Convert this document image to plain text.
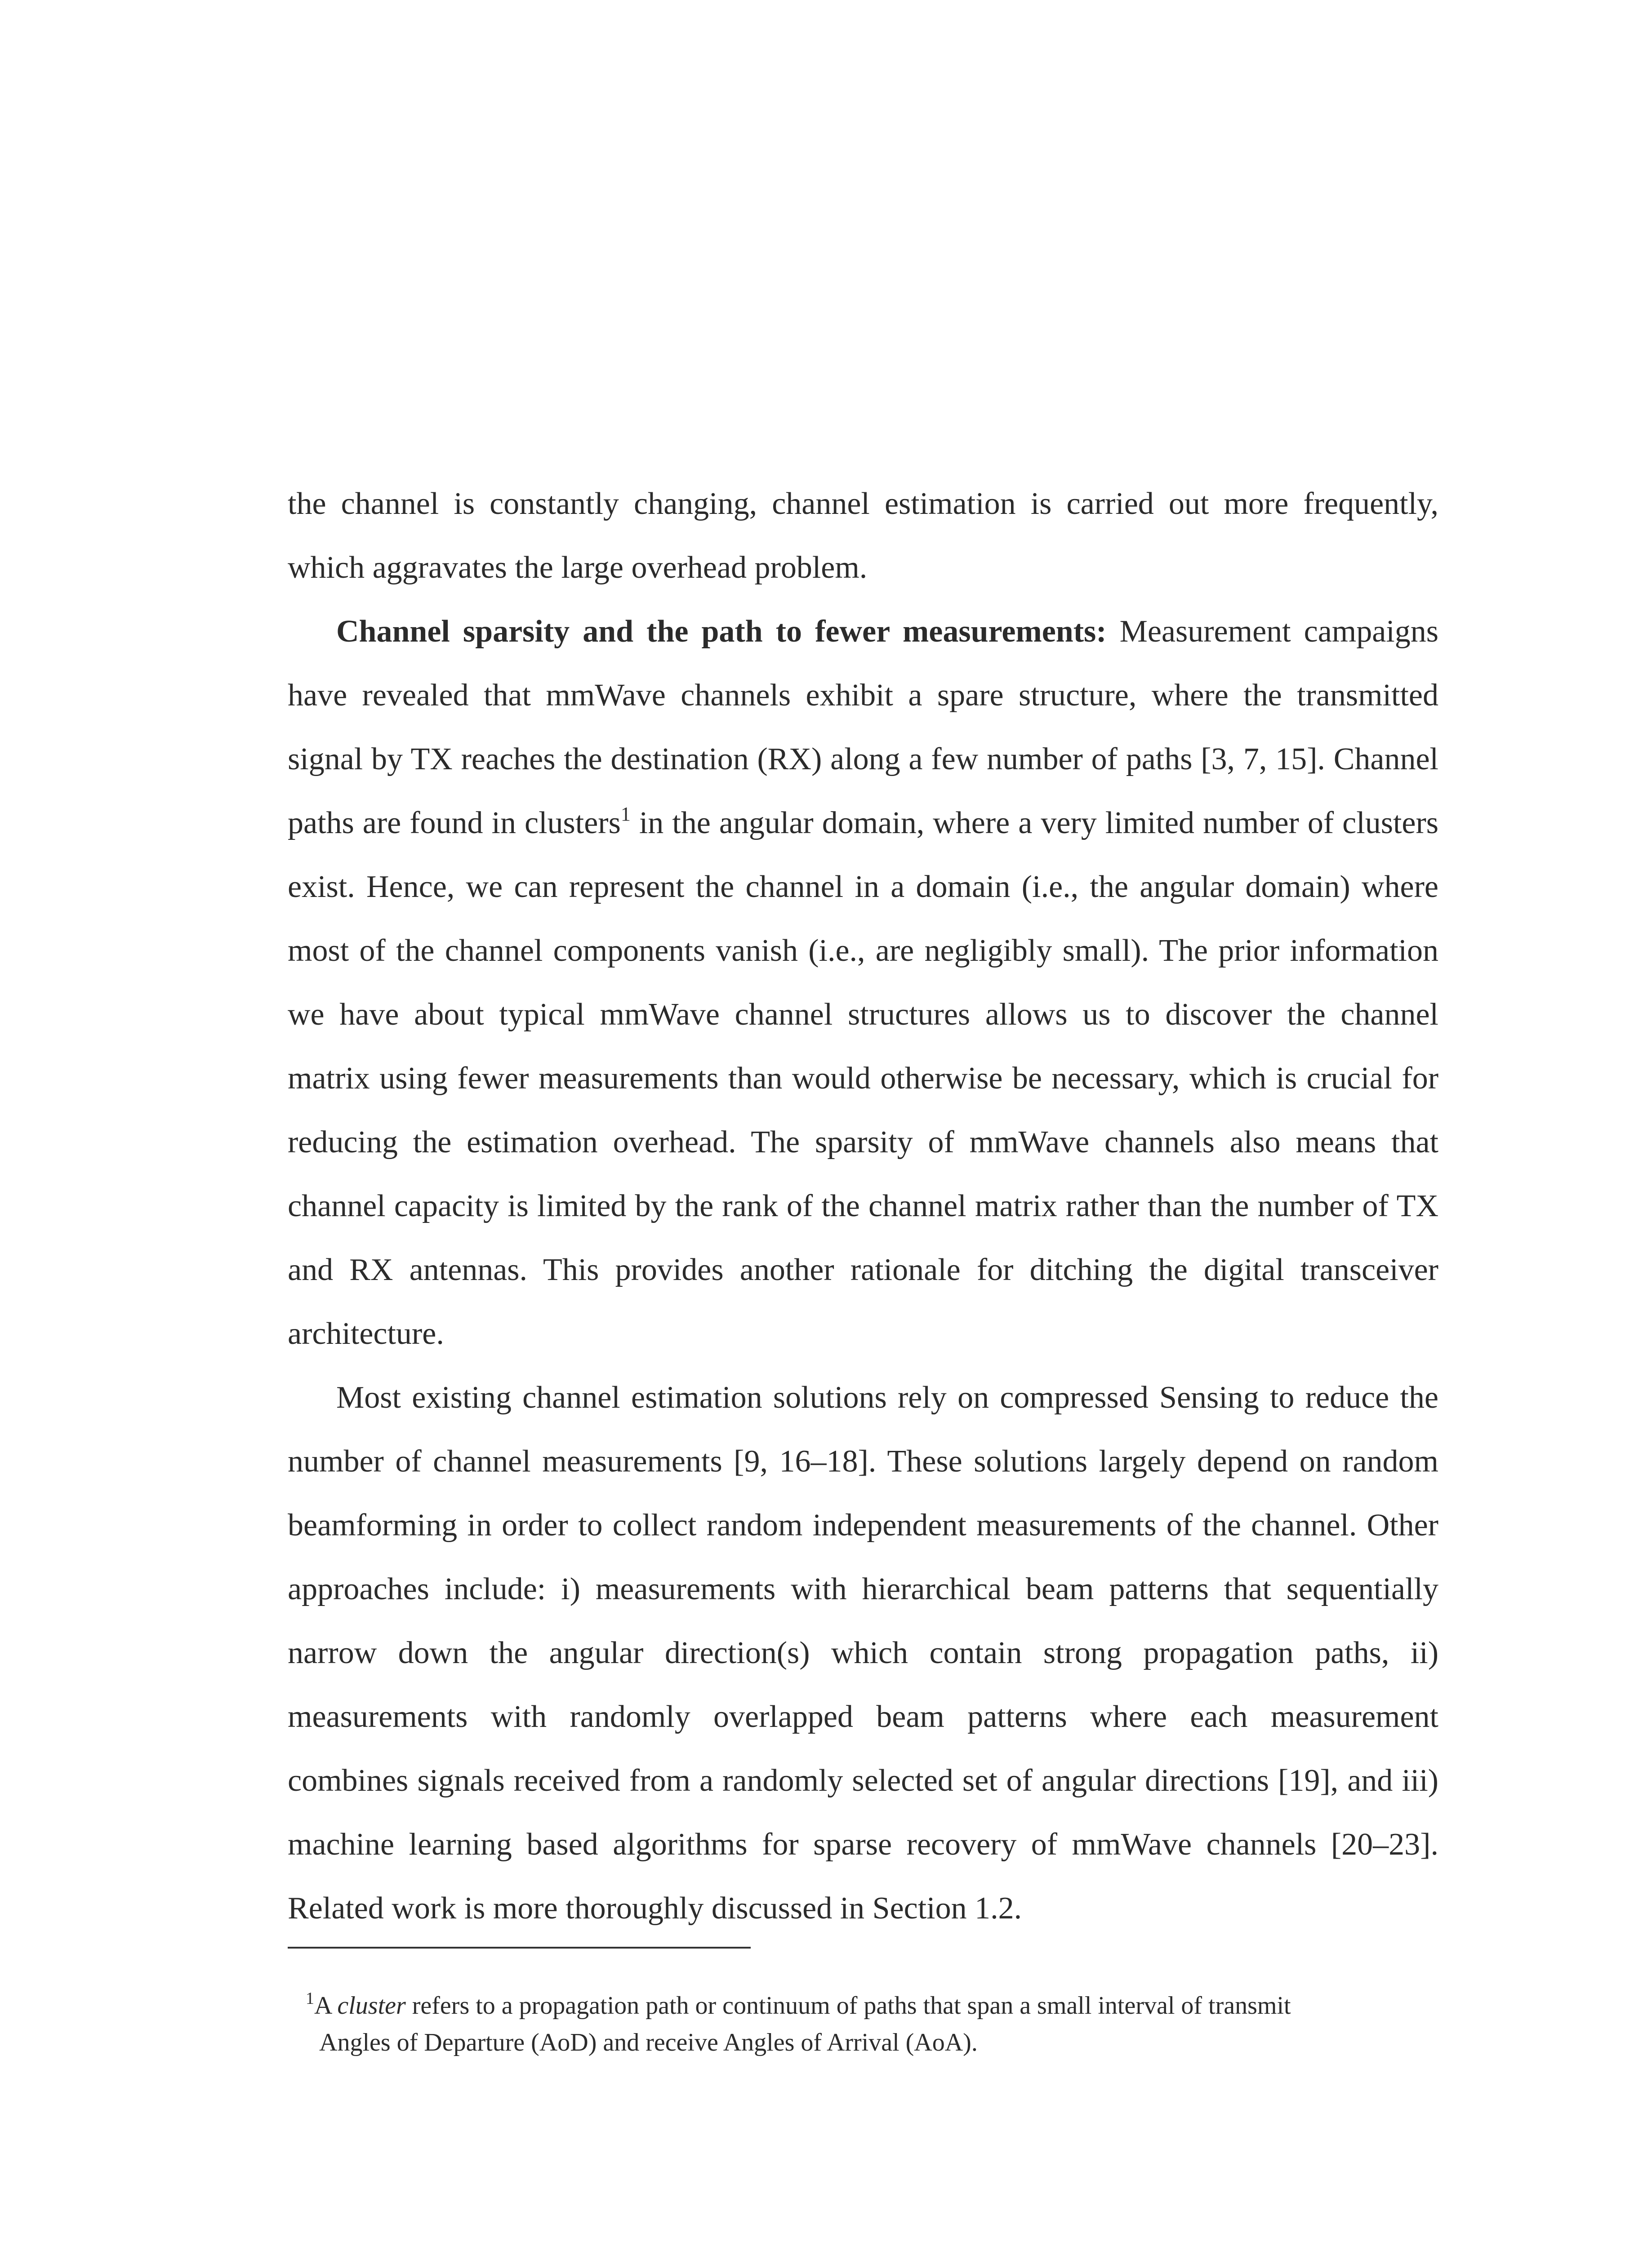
the channel is constantly changing, channel estimation is carried out more frequently, which aggravates the large overhead problem.

Channel sparsity and the path to fewer measurements: Measurement campaigns have revealed that mmWave channels exhibit a spare structure, where the transmitted signal by TX reaches the destination (RX) along a few number of paths [3, 7, 15]. Channel paths are found in clusters$^1$ in the angular domain, where a very limited number of clusters exist. Hence, we can represent the channel in a domain (i.e., the angular domain) where most of the channel components vanish (i.e., are negligibly small). The prior information we have about typical mmWave channel structures allows us to discover the channel matrix using fewer measurements than would otherwise be necessary, which is crucial for reducing the estimation overhead. The sparsity of mmWave channels also means that channel capacity is limited by the rank of the channel matrix rather than the number of TX and RX antennas. This provides another rationale for ditching the digital transceiver architecture.

Most existing channel estimation solutions rely on compressed Sensing to reduce the number of channel measurements [9, 16–18]. These solutions largely depend on random beamforming in order to collect random independent measurements of the channel. Other approaches include: i) measurements with hierarchical beam patterns that sequentially narrow down the angular direction(s) which contain strong propagation paths, ii) measurements with randomly overlapped beam patterns where each measurement combines signals received from a randomly selected set of angular directions [19], and iii) machine learning based algorithms for sparse recovery of mmWave channels [20–23]. Related work is more thoroughly discussed in Section 1.2.

$^1$A cluster refers to a propagation path or continuum of paths that span a small interval of transmit
Angles of Departure (AoD) and receive Angles of Arrival (AoA).
